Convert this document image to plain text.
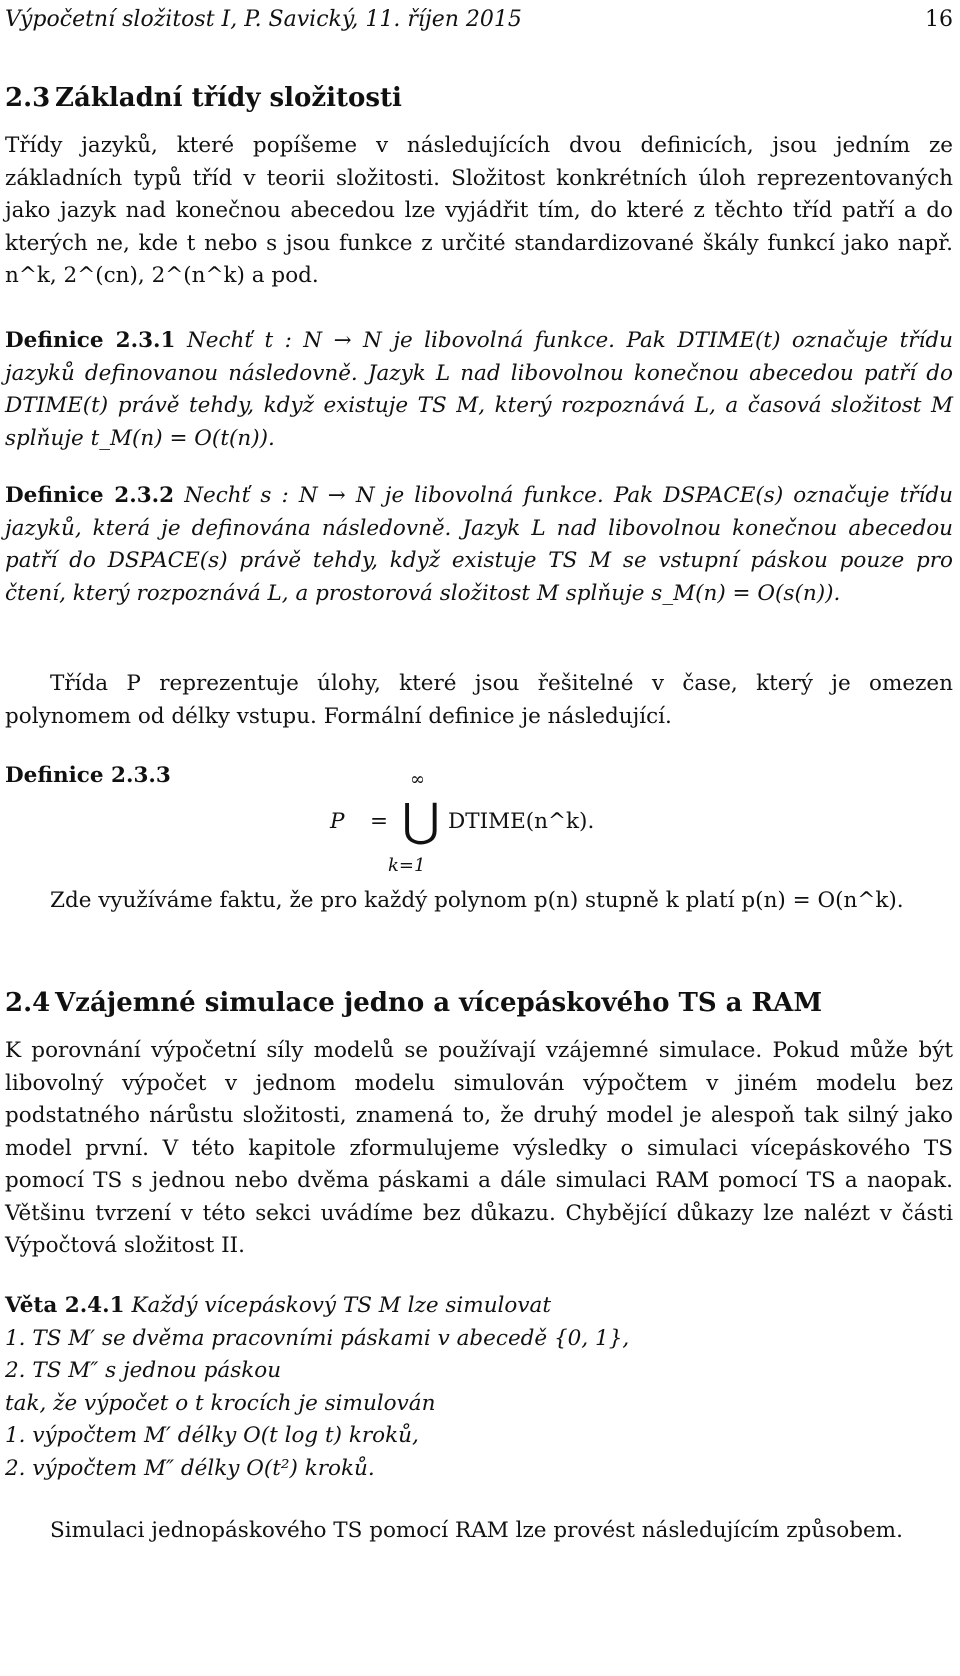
Výpočetní složitost I, P. Savický, 11. říjen 2015	16
2.3 Základní třídy složitosti
Třídy jazyků, které popíšeme v následujících dvou definicích, jsou jedním ze základních typů tříd v teorii složitosti. Složitost konkrétních úloh reprezentovaných jako jazyk nad konečnou abecedou lze vyjádřit tím, do které z těchto tříd patří a do kterých ne, kde t nebo s jsou funkce z určité standardizované škály funkcí jako např. n^k, 2^(cn), 2^(n^k) a pod.
Definice 2.3.1 Nechť t : N → N je libovolná funkce. Pak DTIME(t) označuje třídu jazyků definovanou následovně. Jazyk L nad libovolnou konečnou abecedou patří do DTIME(t) právě tehdy, když existuje TS M, který rozpoznává L, a časová složitost M splňuje t_M(n) = O(t(n)).
Definice 2.3.2 Nechť s : N → N je libovolná funkce. Pak DSPACE(s) označuje třídu jazyků, která je definována následovně. Jazyk L nad libovolnou konečnou abecedou patří do DSPACE(s) právě tehdy, když existuje TS M se vstupní páskou pouze pro čtení, který rozpoznává L, a prostorová složitost M splňuje s_M(n) = O(s(n)).
Třída P reprezentuje úlohy, které jsou řešitelné v čase, který je omezen polynomem od délky vstupu. Formální definice je následující.
Definice 2.3.3
P = ⋃
∞
k=1
DTIME(n^k).
Zde využíváme faktu, že pro každý polynom p(n) stupně k platí p(n) = O(n^k).
2.4 Vzájemné simulace jedno a vícepáskového TS a RAM
K porovnání výpočetní síly modelů se používají vzájemné simulace. Pokud může být libovolný výpočet v jednom modelu simulován výpočtem v jiném modelu bez podstatného nárůstu složitosti, znamená to, že druhý model je alespoň tak silný jako model první. V této kapitole zformulujeme výsledky o simulaci vícepáskového TS pomocí TS s jednou nebo dvěma páskami a dále simulaci RAM pomocí TS a naopak. Většinu tvrzení v této sekci uvádíme bez důkazu. Chybějící důkazy lze nalézt v části Výpočtová složitost II.
Věta 2.4.1 Každý vícepáskový TS M lze simulovat
1. TS M′ se dvěma pracovními páskami v abecedě {0, 1},
2. TS M″ s jednou páskou
tak, že výpočet o t krocích je simulován
1. výpočtem M′ délky O(t log t) kroků,
2. výpočtem M″ délky O(t²) kroků.
Simulaci jednopáskového TS pomocí RAM lze provést následujícím způsobem.
